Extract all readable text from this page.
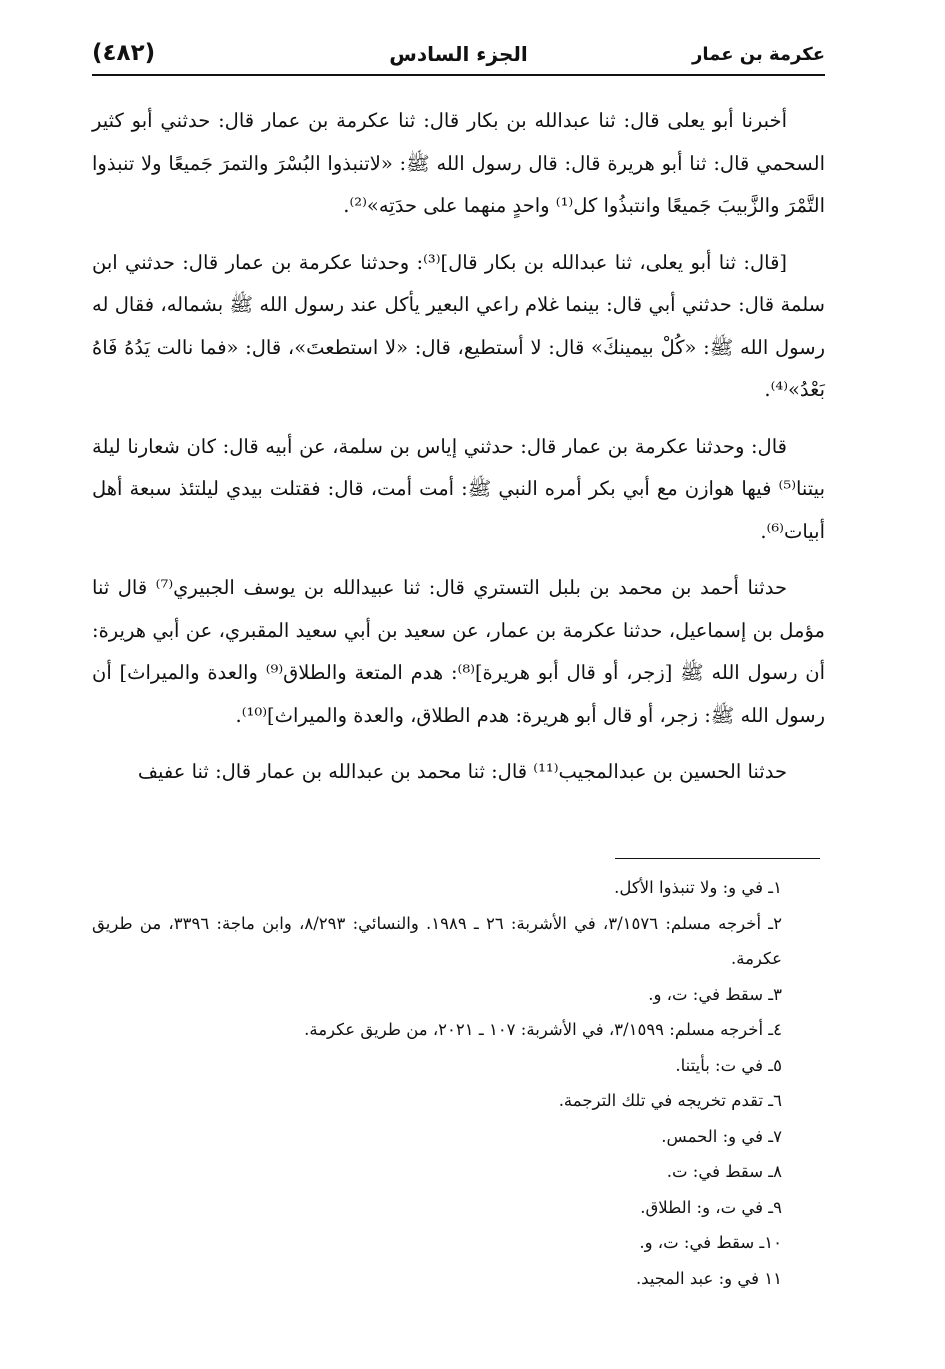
(٤٨٢)	الجزء السادس	عكرمة بن عمار

أخبرنا أبو يعلى قال: ثنا عبدالله بن بكار قال: ثنا عكرمة بن عمار قال: حدثني أبو كثير السحمي قال: ثنا أبو هريرة قال: قال رسول الله ﷺ: «لاتنبذوا البُسْرَ والتمرَ جَميعًا ولا تنبذوا التَّمْرَ والزَّبيبَ جَميعًا وانتبذُوا كل⁽¹⁾ واحدٍ منهما على حدَتِه»⁽²⁾.

[قال: ثنا أبو يعلى، ثنا عبدالله بن بكار قال]⁽³⁾: وحدثنا عكرمة بن عمار قال: حدثني ابن سلمة قال: حدثني أبي قال: بينما غلام راعي البعير يأكل عند رسول الله ﷺ بشماله، فقال له رسول الله ﷺ: «كُلْ بيمينكَ» قال: لا أستطيع، قال: «لا استطعتَ»، قال: «فما نالت يَدُهُ فَاهُ بَعْدُ»⁽⁴⁾.

قال: وحدثنا عكرمة بن عمار قال: حدثني إياس بن سلمة، عن أبيه قال: كان شعارنا ليلة بيتنا⁽⁵⁾ فيها هوازن مع أبي بكر أمره النبي ﷺ: أمت أمت، قال: فقتلت بيدي ليلتئذ سبعة أهل أبيات⁽⁶⁾.

حدثنا أحمد بن محمد بن بلبل التستري قال: ثنا عبيدالله بن يوسف الجبيري⁽⁷⁾ قال ثنا مؤمل بن إسماعيل، حدثنا عكرمة بن عمار، عن سعيد بن أبي سعيد المقبري، عن أبي هريرة: أن رسول الله ﷺ [زجر، أو قال أبو هريرة]⁽⁸⁾: هدم المتعة والطلاق⁽⁹⁾ والعدة والميراث] أن رسول الله ﷺ: زجر، أو قال أبو هريرة: هدم الطلاق، والعدة والميراث]⁽¹⁰⁾.

حدثنا الحسين بن عبدالمجيب⁽¹¹⁾ قال: ثنا محمد بن عبدالله بن عمار قال: ثنا عفيف

١ـ في و: ولا تنبذوا الأكل.
٢ـ أخرجه مسلم: ٣/١٥٧٦، في الأشربة: ٢٦ ـ ١٩٨٩. والنسائي: ٨/٢٩٣، وابن ماجة: ٣٣٩٦، من طريق عكرمة.
٣ـ سقط في: ت، و.
٤ـ أخرجه مسلم: ٣/١٥٩٩، في الأشربة: ١٠٧ ـ ٢٠٢١، من طريق عكرمة.
٥ـ في ت: بأيتنا.
٦ـ تقدم تخريجه في تلك الترجمة.
٧ـ في و: الحمس.
٨ـ سقط في: ت.
٩ـ في ت، و: الطلاق.
١٠ـ سقط في: ت، و.
١١ في و: عبد المجيد.
